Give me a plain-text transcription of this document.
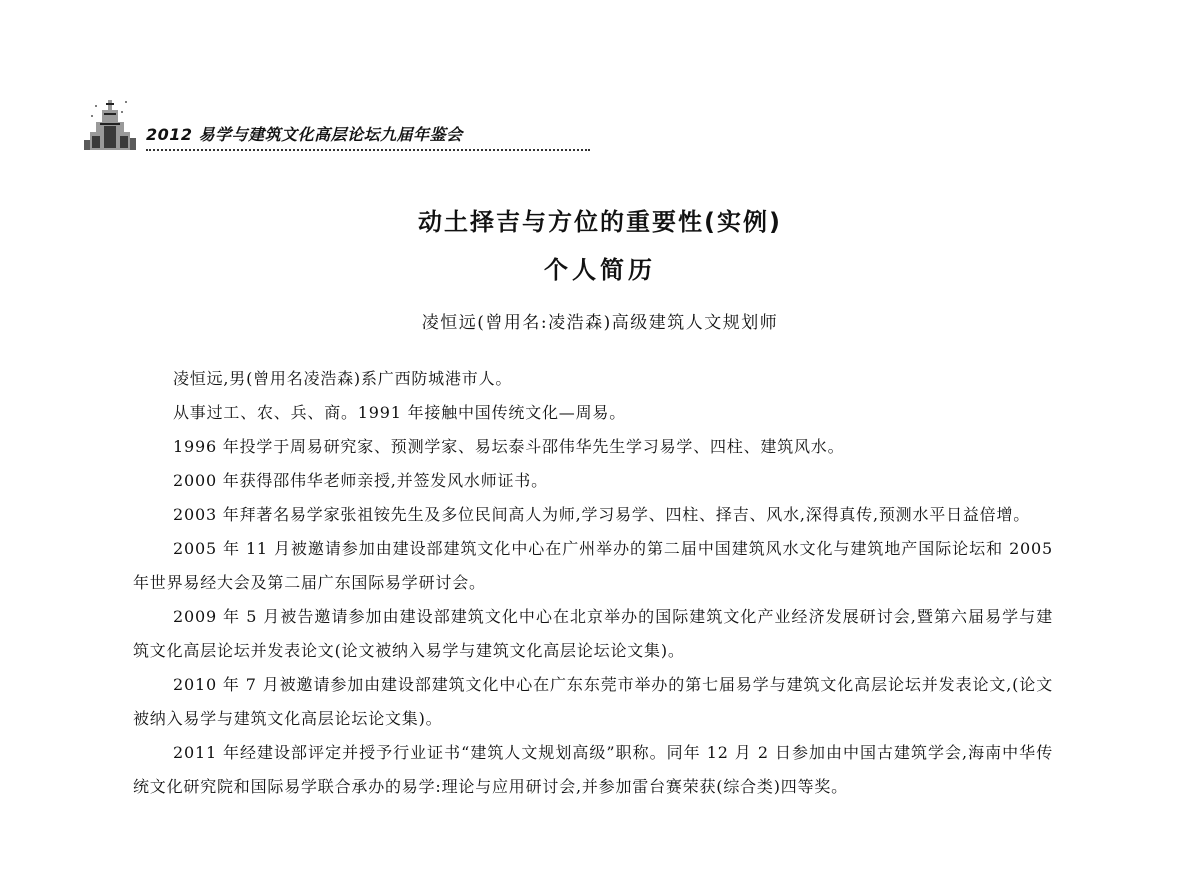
2012 易学与建筑文化高层论坛九届年鉴会
动土择吉与方位的重要性(实例)
个人简历
凌恒远(曾用名:凌浩森)高级建筑人文规划师

凌恒远,男(曾用名凌浩森)系广西防城港市人。

从事过工、农、兵、商。1991 年接触中国传统文化—周易。

1996 年投学于周易研究家、预测学家、易坛泰斗邵伟华先生学习易学、四柱、建筑风水。

2000 年获得邵伟华老师亲授,并签发风水师证书。

2003 年拜著名易学家张祖铵先生及多位民间高人为师,学习易学、四柱、择吉、风水,深得真传,预测水平日益倍增。

2005 年 11 月被邀请参加由建设部建筑文化中心在广州举办的第二届中国建筑风水文化与建筑地产国际论坛和 2005 年世界易经大会及第二届广东国际易学研讨会。

2009 年 5 月被告邀请参加由建设部建筑文化中心在北京举办的国际建筑文化产业经济发展研讨会,暨第六届易学与建筑文化高层论坛并发表论文(论文被纳入易学与建筑文化高层论坛论文集)。

2010 年 7 月被邀请参加由建设部建筑文化中心在广东东莞市举办的第七届易学与建筑文化高层论坛并发表论文,(论文被纳入易学与建筑文化高层论坛论文集)。

2011 年经建设部评定并授予行业证书“建筑人文规划高级”职称。同年 12 月 2 日参加由中国古建筑学会,海南中华传统文化研究院和国际易学联合承办的易学:理论与应用研讨会,并参加雷台赛荣获(综合类)四等奖。
